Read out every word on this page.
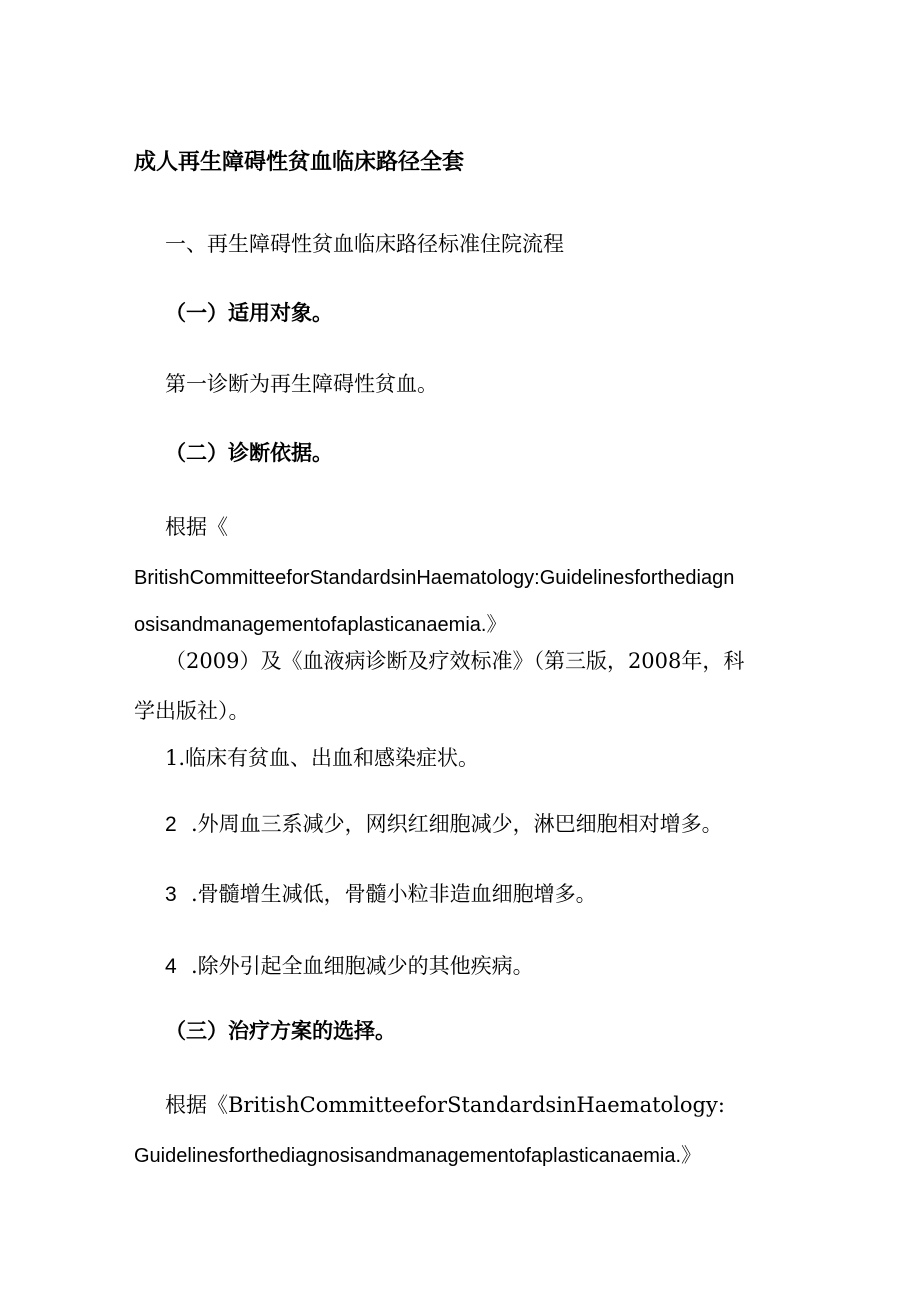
成人再生障碍性贫血临床路径全套
一、再生障碍性贫血临床路径标准住院流程
（一）适用对象。
第一诊断为再生障碍性贫血。
（二）诊断依据。
根据《
BritishCommitteeforStandardsinHaematology:Guidelinesforthediagn
osisandmanagementofaplasticanaemia.》
（2009）及《血液病诊断及疗效标准》（第三版，2008年，科
学出版社）。
1.临床有贫血、出血和感染症状。
2 .外周血三系减少，网织红细胞减少，淋巴细胞相对增多。
3 .骨髓增生减低，骨髓小粒非造血细胞增多。
4 .除外引起全血细胞减少的其他疾病。
（三）治疗方案的选择。
根据《BritishCommitteeforStandardsinHaematology:
Guidelinesforthediagnosisandmanagementofaplasticanaemia.》
